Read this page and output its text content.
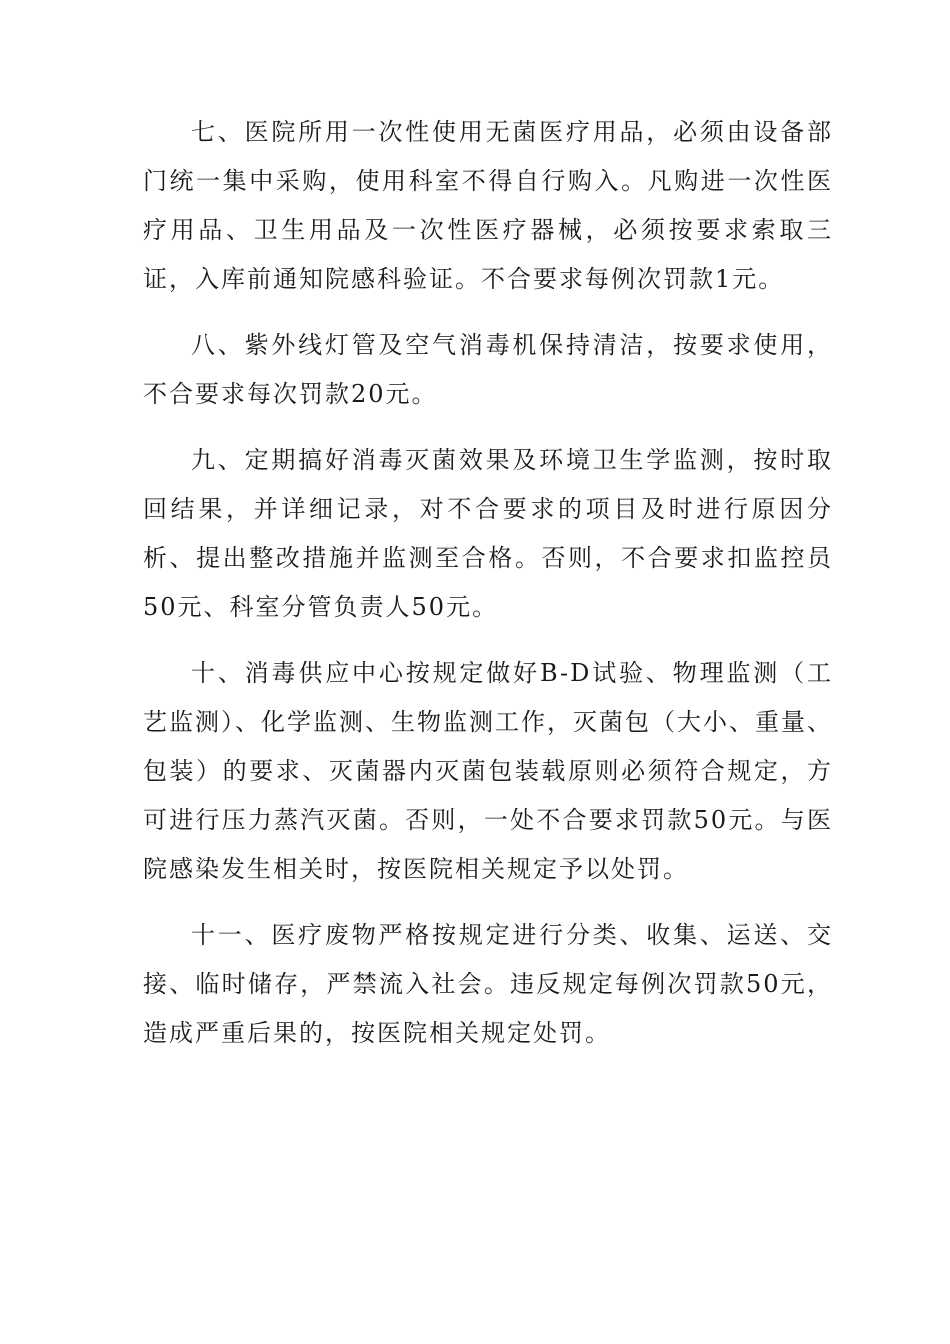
七、医院所用一次性使用无菌医疗用品，必须由设备部门统一集中采购，使用科室不得自行购入。凡购进一次性医疗用品、卫生用品及一次性医疗器械，必须按要求索取三证，入库前通知院感科验证。不合要求每例次罚款1元。

八、紫外线灯管及空气消毒机保持清洁，按要求使用，不合要求每次罚款20元。

九、定期搞好消毒灭菌效果及环境卫生学监测，按时取回结果，并详细记录，对不合要求的项目及时进行原因分析、提出整改措施并监测至合格。否则，不合要求扣监控员50元、科室分管负责人50元。

十、消毒供应中心按规定做好B-D试验、物理监测（工艺监测）、化学监测、生物监测工作，灭菌包（大小、重量、包装）的要求、灭菌器内灭菌包装载原则必须符合规定，方可进行压力蒸汽灭菌。否则，一处不合要求罚款50元。与医院感染发生相关时，按医院相关规定予以处罚。

十一、医疗废物严格按规定进行分类、收集、运送、交接、临时储存，严禁流入社会。违反规定每例次罚款50元，造成严重后果的，按医院相关规定处罚。
